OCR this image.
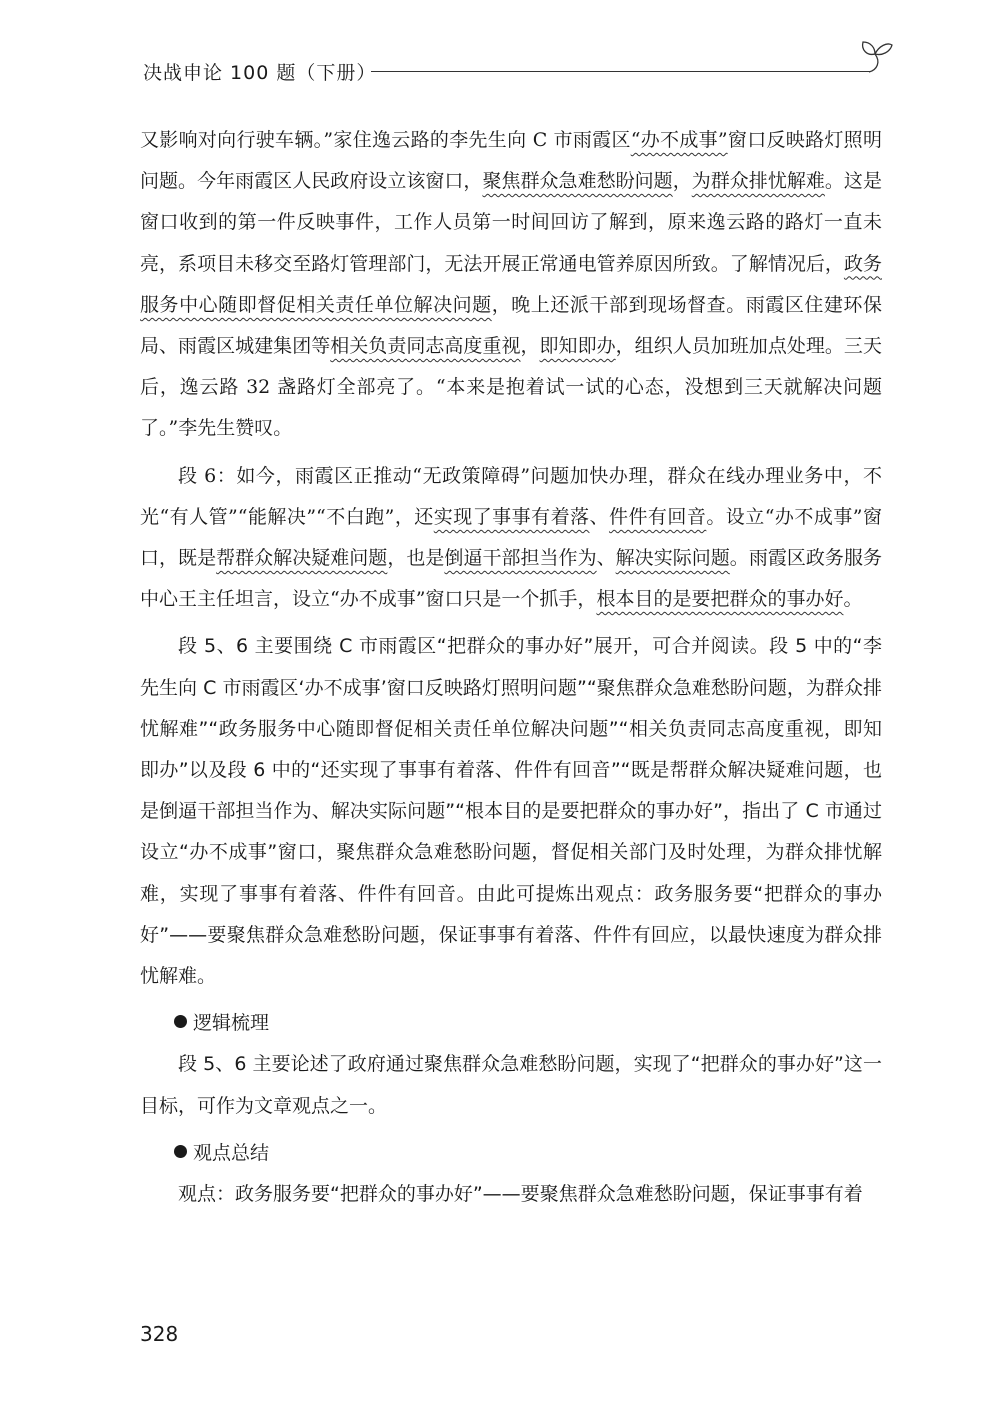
决战申论 100 题（下册）

又影响对向行驶车辆。”家住逸云路的李先生向 C 市雨霞区“办不成事”窗口反映路灯照明问题。今年雨霞区人民政府设立该窗口，聚焦群众急难愁盼问题，为群众排忧解难。这是窗口收到的第一件反映事件，工作人员第一时间回访了解到，原来逸云路的路灯一直未亮，系项目未移交至路灯管理部门，无法开展正常通电管养原因所致。了解情况后，政务服务中心随即督促相关责任单位解决问题，晚上还派干部到现场督查。雨霞区住建环保局、雨霞区城建集团等相关负责同志高度重视，即知即办，组织人员加班加点处理。三天后，逸云路 32 盏路灯全部亮了。“本来是抱着试一试的心态，没想到三天就解决问题了。”李先生赞叹。

段 6：如今，雨霞区正推动“无政策障碍”问题加快办理，群众在线办理业务中，不光“有人管”“能解决”“不白跑”，还实现了事事有着落、件件有回音。设立“办不成事”窗口，既是帮群众解决疑难问题，也是倒逼干部担当作为、解决实际问题。雨霞区政务服务中心王主任坦言，设立“办不成事”窗口只是一个抓手，根本目的是要把群众的事办好。

段 5、6 主要围绕 C 市雨霞区“把群众的事办好”展开，可合并阅读。段 5 中的“李先生向 C 市雨霞区‘办不成事’窗口反映路灯照明问题”“聚焦群众急难愁盼问题，为群众排忧解难”“政务服务中心随即督促相关责任单位解决问题”“相关负责同志高度重视，即知即办”以及段 6 中的“还实现了事事有着落、件件有回音”“既是帮群众解决疑难问题，也是倒逼干部担当作为、解决实际问题”“根本目的是要把群众的事办好”，指出了 C 市通过设立“办不成事”窗口，聚焦群众急难愁盼问题，督促相关部门及时处理，为群众排忧解难，实现了事事有着落、件件有回音。由此可提炼出观点：政务服务要“把群众的事办好”——要聚焦群众急难愁盼问题，保证事事有着落、件件有回应，以最快速度为群众排忧解难。

逻辑梳理

段 5、6 主要论述了政府通过聚焦群众急难愁盼问题，实现了“把群众的事办好”这一目标，可作为文章观点之一。

观点总结

观点：政务服务要“把群众的事办好”——要聚焦群众急难愁盼问题，保证事事有着

328
